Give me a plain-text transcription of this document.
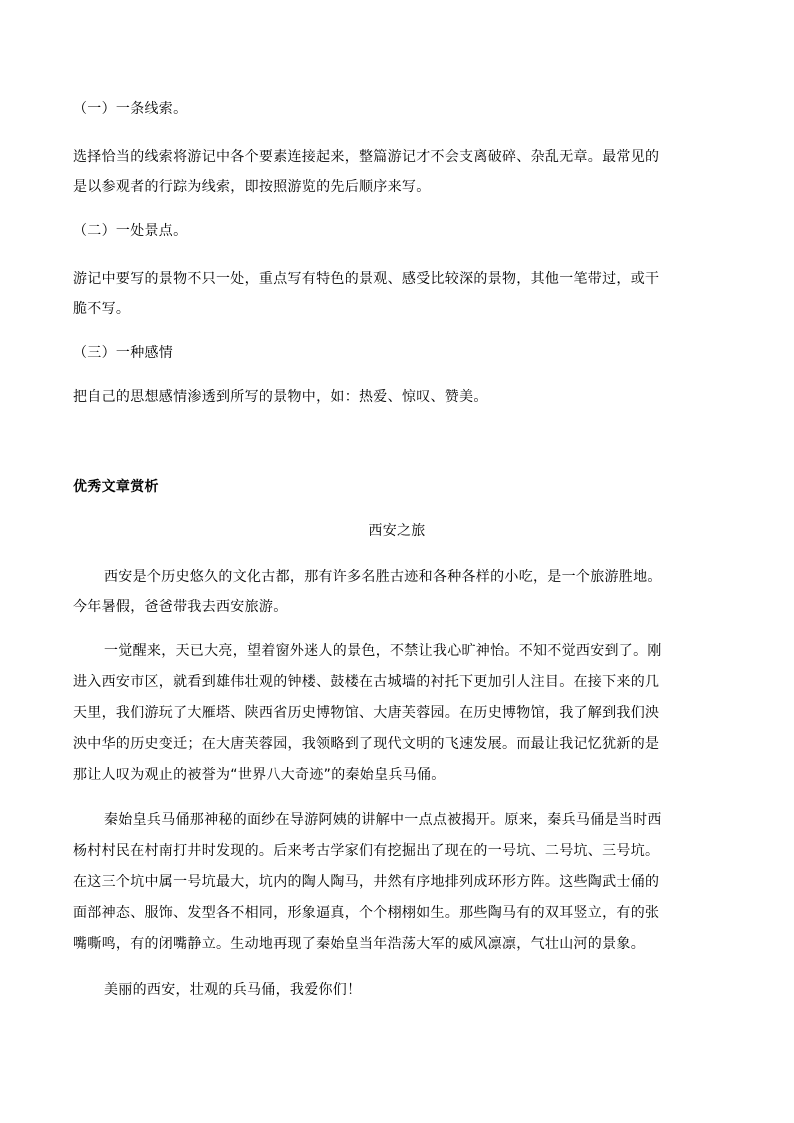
（一）一条线索。
选择恰当的线索将游记中各个要素连接起来，整篇游记才不会支离破碎、杂乱无章。最常见的
是以参观者的行踪为线索，即按照游览的先后顺序来写。
（二）一处景点。
游记中要写的景物不只一处，重点写有特色的景观、感受比较深的景物，其他一笔带过，或干
脆不写。
（三）一种感情
把自己的思想感情渗透到所写的景物中，如：热爱、惊叹、赞美。
优秀文章赏析
西安之旅
西安是个历史悠久的文化古都，那有许多名胜古迹和各种各样的小吃，是一个旅游胜地。
今年暑假，爸爸带我去西安旅游。
一觉醒来，天已大亮，望着窗外迷人的景色，不禁让我心旷神怡。不知不觉西安到了。刚
进入西安市区，就看到雄伟壮观的钟楼、鼓楼在古城墙的衬托下更加引人注目。在接下来的几
天里，我们游玩了大雁塔、陕西省历史博物馆、大唐芙蓉园。在历史博物馆，我了解到我们泱
泱中华的历史变迁；在大唐芙蓉园，我领略到了现代文明的飞速发展。而最让我记忆犹新的是
那让人叹为观止的被誉为“世界八大奇迹”的秦始皇兵马俑。
秦始皇兵马俑那神秘的面纱在导游阿姨的讲解中一点点被揭开。原来，秦兵马俑是当时西
杨村村民在村南打井时发现的。后来考古学家们有挖掘出了现在的一号坑、二号坑、三号坑。
在这三个坑中属一号坑最大，坑内的陶人陶马，井然有序地排列成环形方阵。这些陶武士俑的
面部神态、服饰、发型各不相同，形象逼真，个个栩栩如生。那些陶马有的双耳竖立，有的张
嘴嘶鸣，有的闭嘴静立。生动地再现了秦始皇当年浩荡大军的威风凛凛，气壮山河的景象。
美丽的西安，壮观的兵马俑，我爱你们！
